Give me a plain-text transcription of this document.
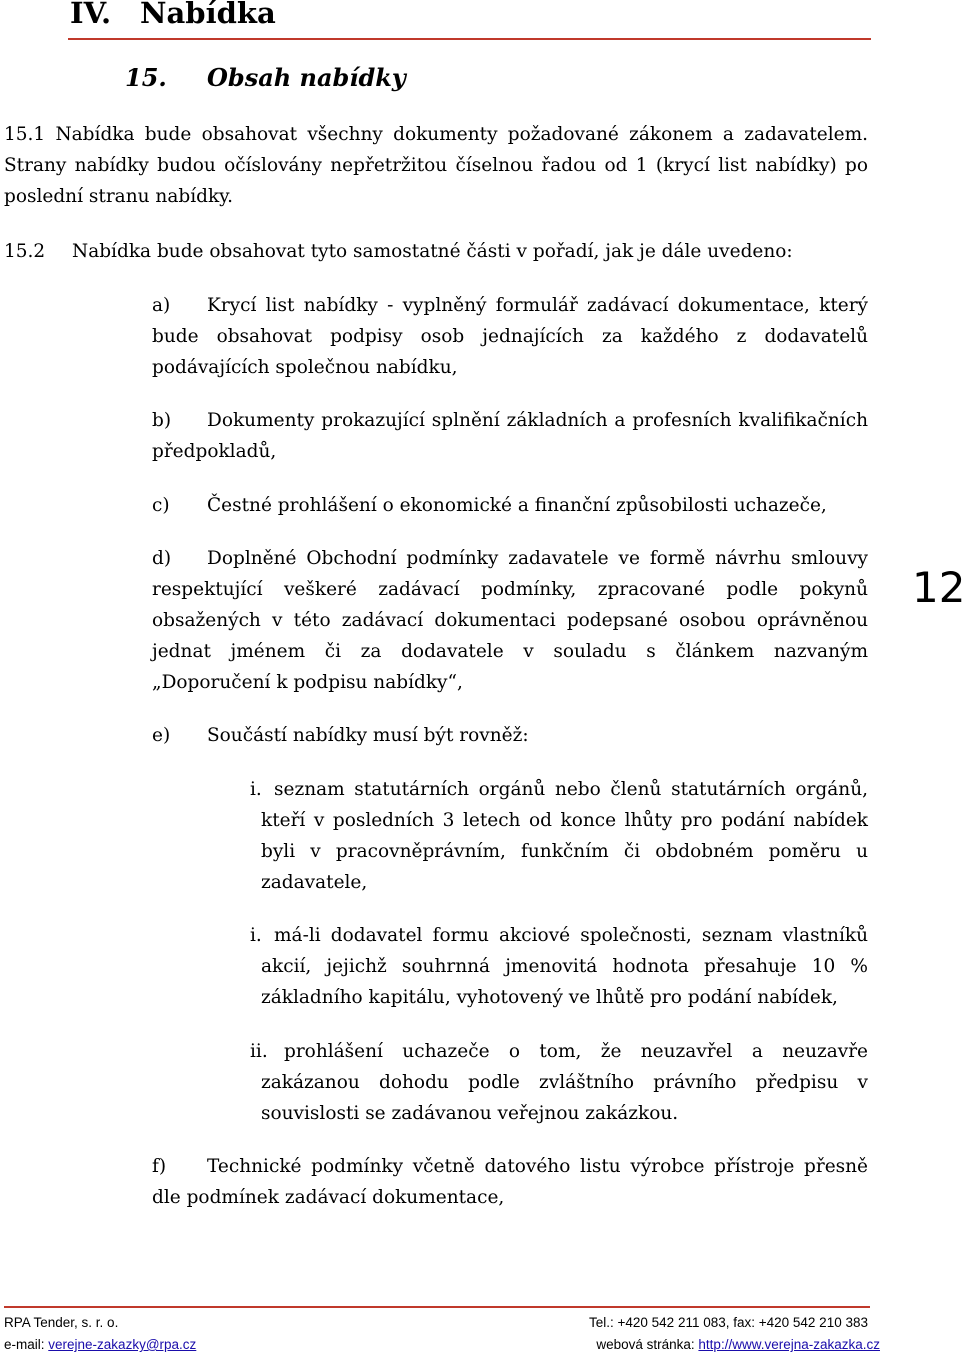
IV. Nabídka
15. Obsah nabídky

15.1 Nabídka bude obsahovat všechny dokumenty požadované zákonem a zadavatelem. Strany nabídky budou očíslovány nepřetržitou číselnou řadou od 1 (krycí list nabídky) po poslední stranu nabídky.

15.2 Nabídka bude obsahovat tyto samostatné části v pořadí, jak je dále uvedeno:

a) Krycí list nabídky - vyplněný formulář zadávací dokumentace, který bude obsahovat podpisy osob jednajících za každého z dodavatelů podávajících společnou nabídku,

b) Dokumenty prokazující splnění základních a profesních kvalifikačních předpokladů,

c) Čestné prohlášení o ekonomické a finanční způsobilosti uchazeče,

d) Doplněné Obchodní podmínky zadavatele ve formě návrhu smlouvy respektující veškeré zadávací podmínky, zpracované podle pokynů obsažených v této zadávací dokumentaci podepsané osobou oprávněnou jednat jménem či za dodavatele v souladu s článkem nazvaným „Doporučení k podpisu nabídky“,

e) Součástí nabídky musí být rovněž:

i. seznam statutárních orgánů nebo členů statutárních orgánů, kteří v posledních 3 letech od konce lhůty pro podání nabídek byli v pracovněprávním, funkčním či obdobném poměru u zadavatele,

i. má-li dodavatel formu akciové společnosti, seznam vlastníků akcií, jejichž souhrnná jmenovitá hodnota přesahuje 10 % základního kapitálu, vyhotovený ve lhůtě pro podání nabídek,

ii. prohlášení uchazeče o tom, že neuzavřel a neuzavře zakázanou dohodu podle zvláštního právního předpisu v souvislosti se zadávanou veřejnou zakázkou.

f) Technické podmínky včetně datového listu výrobce přístroje přesně dle podmínek zadávací dokumentace,

12
RPA Tender, s. r. o.
e-mail: verejne-zakazky@rpa.cz
Tel.: +420 542 211 083, fax: +420 542 210 383
webová stránka: http://www.verejna-zakazka.cz
